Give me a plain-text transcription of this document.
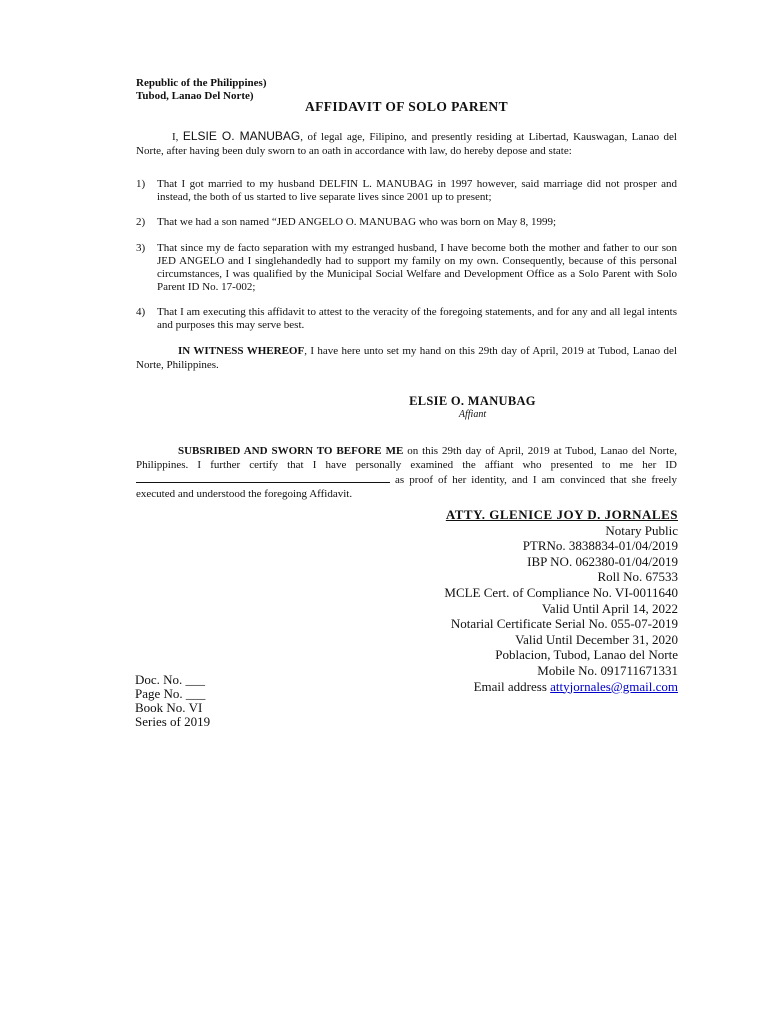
Republic of the Philippines)
Tubod, Lanao Del Norte)
AFFIDAVIT OF SOLO PARENT
I, ELSIE O. MANUBAG, of legal age, Filipino, and presently residing at Libertad, Kauswagan, Lanao del Norte, after having been duly sworn to an oath in accordance with law, do hereby depose and state:
1) That I got married to my husband DELFIN L. MANUBAG in 1997 however, said marriage did not prosper and instead, the both of us started to live separate lives since 2001 up to present;
2) That we had a son named “JED ANGELO O. MANUBAG who was born on May 8, 1999;
3) That since my de facto separation with my estranged husband, I have become both the mother and father to our son JED ANGELO and I singlehandedly had to support my family on my own. Consequently, because of this personal circumstances, I was qualified by the Municipal Social Welfare and Development Office as a Solo Parent with Solo Parent ID No. 17-002;
4) That I am executing this affidavit to attest to the veracity of the foregoing statements, and for any and all legal intents and purposes this may serve best.
IN WITNESS WHEREOF, I have here unto set my hand on this 29th day of April, 2019 at Tubod, Lanao del Norte, Philippines.
ELSIE O. MANUBAG
Affiant
SUBSRIBED AND SWORN TO BEFORE ME on this 29th day of April, 2019 at Tubod, Lanao del Norte, Philippines. I further certify that I have personally examined the affiant who presented to me her ID  as proof of her identity, and I am convinced that she freely executed and understood the foregoing Affidavit.
ATTY. GLENICE JOY D. JORNALES
Notary Public
PTRNo. 3838834-01/04/2019
IBP NO. 062380-01/04/2019
Roll No. 67533
MCLE Cert. of Compliance No. VI-0011640
Valid Until April 14, 2022
Notarial Certificate Serial No. 055-07-2019
Valid Until December 31, 2020
Poblacion, Tubod, Lanao del Norte
Mobile No. 091711671331
Email address attyjornales@gmail.com
Doc. No. ___
Page No. ___
Book No. VI
Series of 2019
